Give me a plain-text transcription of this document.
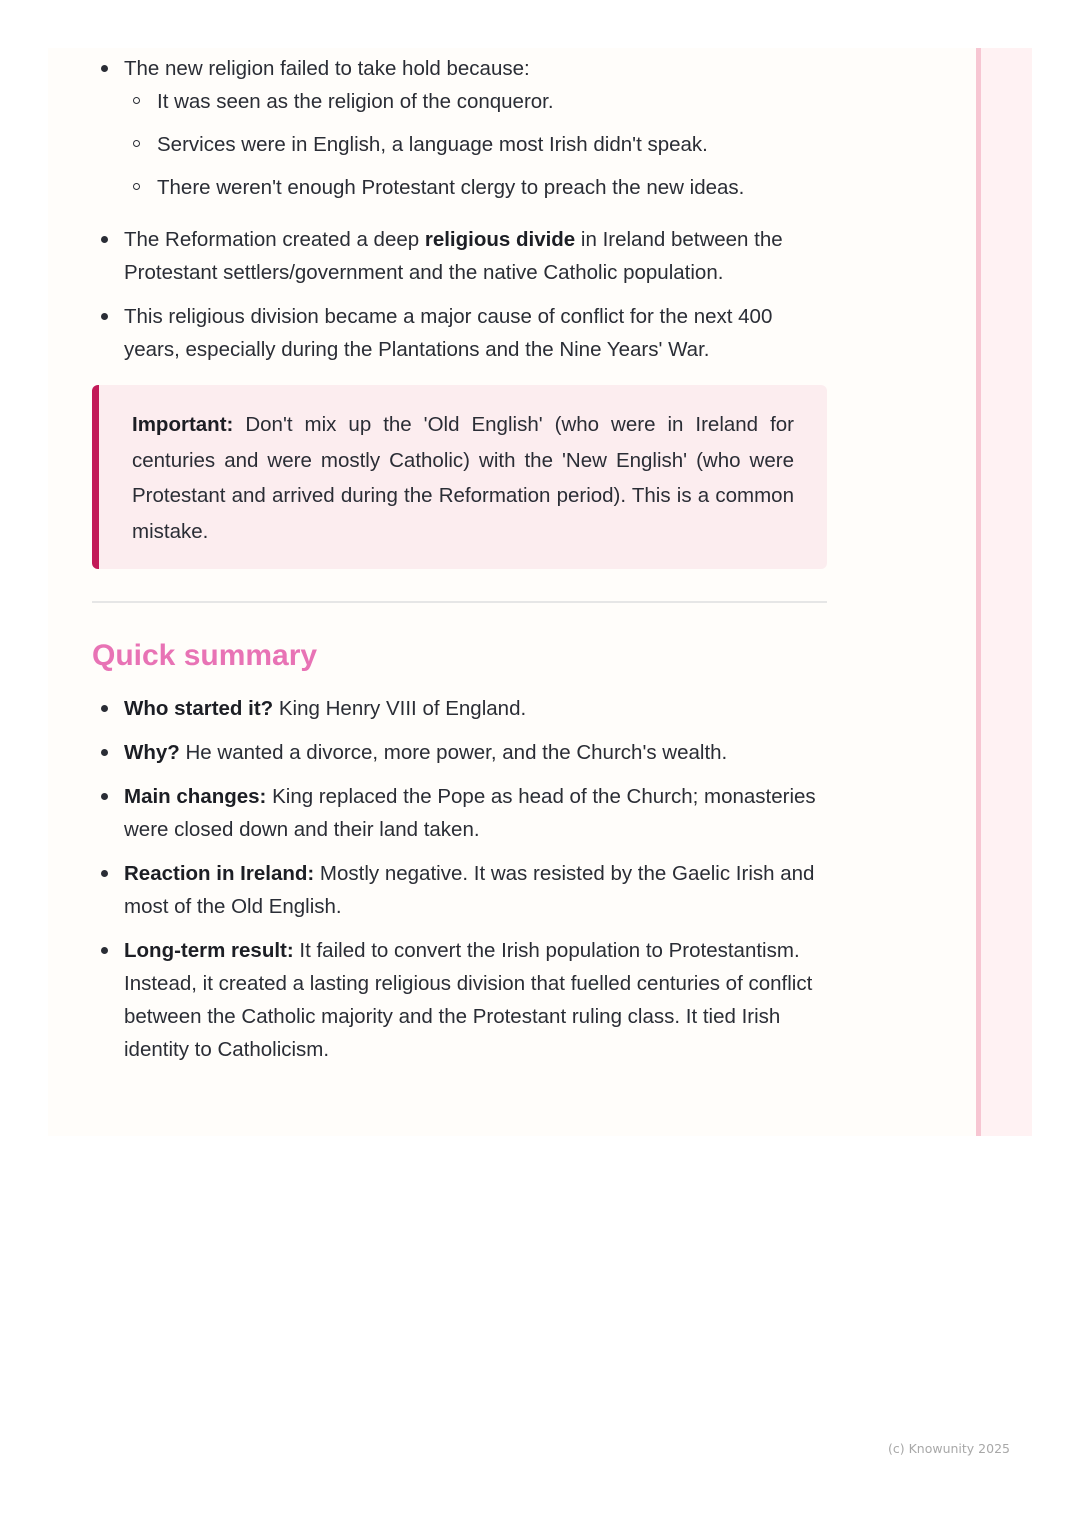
The new religion failed to take hold because:
It was seen as the religion of the conqueror.
Services were in English, a language most Irish didn't speak.
There weren't enough Protestant clergy to preach the new ideas.
The Reformation created a deep religious divide in Ireland between the Protestant settlers/government and the native Catholic population.
This religious division became a major cause of conflict for the next 400 years, especially during the Plantations and the Nine Years' War.
Important: Don't mix up the 'Old English' (who were in Ireland for centuries and were mostly Catholic) with the 'New English' (who were Protestant and arrived during the Reformation period). This is a common mistake.
Quick summary
Who started it? King Henry VIII of England.
Why? He wanted a divorce, more power, and the Church's wealth.
Main changes: King replaced the Pope as head of the Church; monasteries were closed down and their land taken.
Reaction in Ireland: Mostly negative. It was resisted by the Gaelic Irish and most of the Old English.
Long-term result: It failed to convert the Irish population to Protestantism. Instead, it created a lasting religious division that fuelled centuries of conflict between the Catholic majority and the Protestant ruling class. It tied Irish identity to Catholicism.
(c) Knowunity 2025
